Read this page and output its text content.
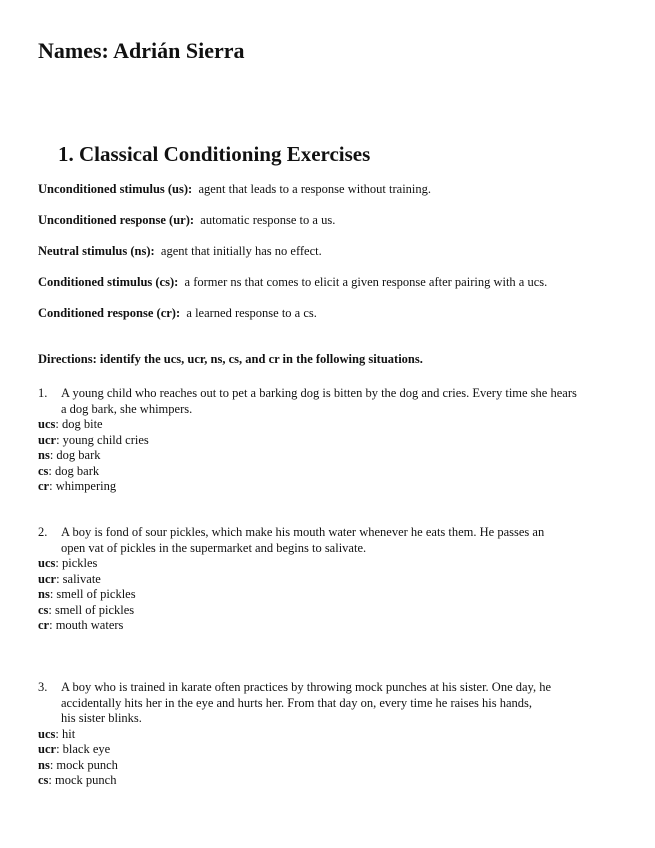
Names: Adrián Sierra
1. Classical Conditioning Exercises
Unconditioned stimulus (us): agent that leads to a response without training.
Unconditioned response (ur): automatic response to a us.
Neutral stimulus (ns): agent that initially has no effect.
Conditioned stimulus (cs): a former ns that comes to elicit a given response after pairing with a ucs.
Conditioned response (cr): a learned response to a cs.
Directions: identify the ucs, ucr, ns, cs, and cr in the following situations.
1. A young child who reaches out to pet a barking dog is bitten by the dog and cries. Every time she hears
a dog bark, she whimpers.
ucs: dog bite
ucr: young child cries
ns: dog bark
cs: dog bark
cr: whimpering
2. A boy is fond of sour pickles, which make his mouth water whenever he eats them. He passes an
open vat of pickles in the supermarket and begins to salivate.
ucs: pickles
ucr: salivate
ns: smell of pickles
cs: smell of pickles
cr: mouth waters
3. A boy who is trained in karate often practices by throwing mock punches at his sister. One day, he
accidentally hits her in the eye and hurts her. From that day on, every time he raises his hands,
his sister blinks.
ucs: hit
ucr: black eye
ns: mock punch
cs: mock punch
